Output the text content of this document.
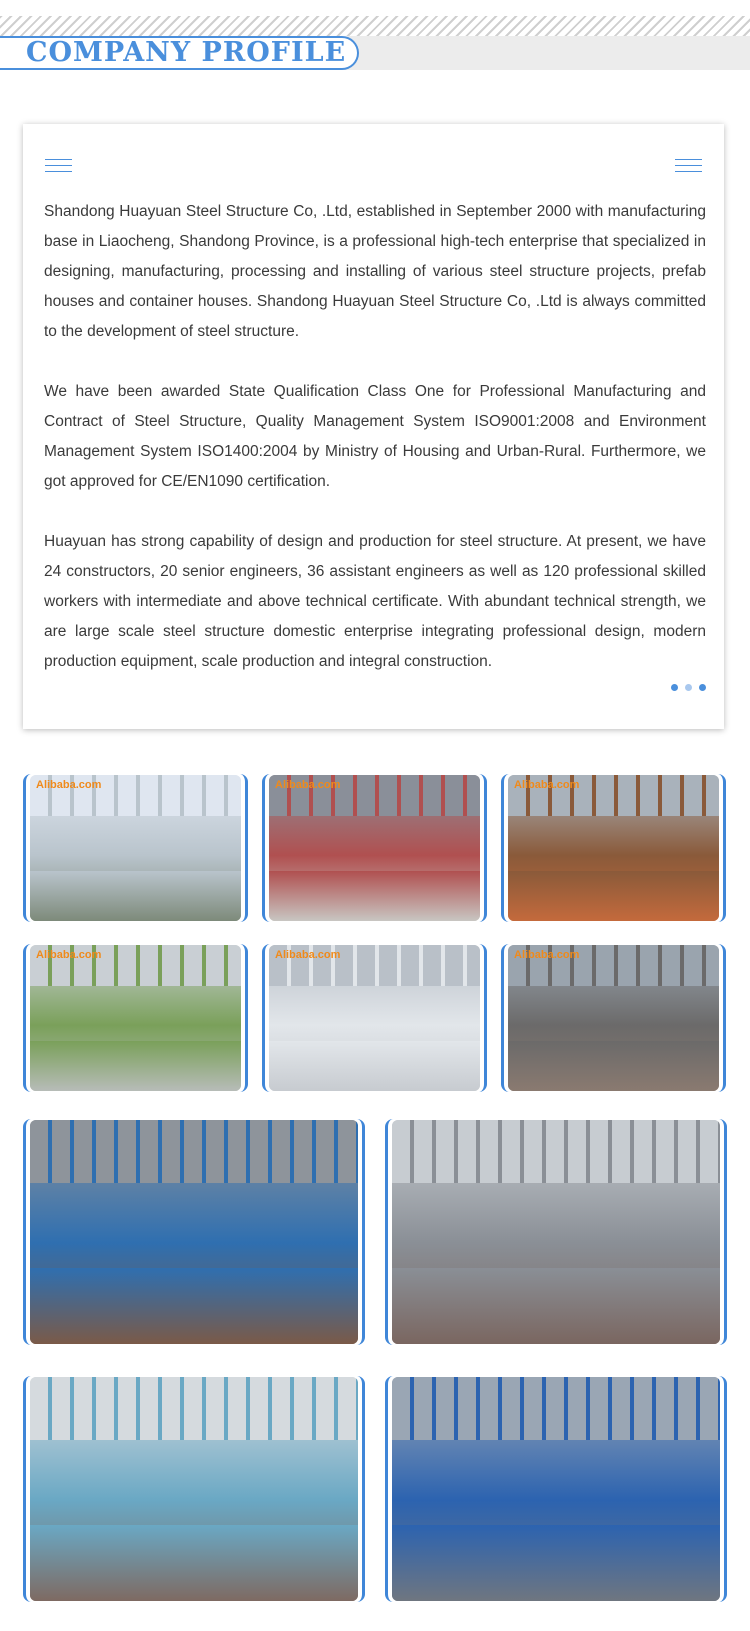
COMPANY PROFILE

Shandong Huayuan Steel Structure Co, .Ltd, established in September 2000 with manufacturing base in Liaocheng, Shandong Province, is a professional high-tech enterprise that specialized in designing, manufacturing, processing and installing of various steel structure projects, prefab houses and container houses. Shandong Huayuan Steel Structure Co, .Ltd is always committed to the development of steel structure.

We have been awarded State Qualification Class One for Professional Manufacturing and Contract of Steel Structure, Quality Management System ISO9001:2008 and Environment Management System ISO1400:2004 by Ministry of Housing and Urban-Rural. Furthermore, we got approved for CE/EN1090 certification.

Huayuan has strong capability of design and production for steel structure. At present, we have 24 constructors, 20 senior engineers, 36 assistant engineers as well as 120 professional skilled workers with intermediate and above technical certificate. With abundant technical strength, we are large scale steel structure domestic enterprise integrating professional design, modern production equipment, scale production and integral construction.

Alibaba.com	Alibaba.com	Alibaba.com
Alibaba.com	Alibaba.com	Alibaba.com
